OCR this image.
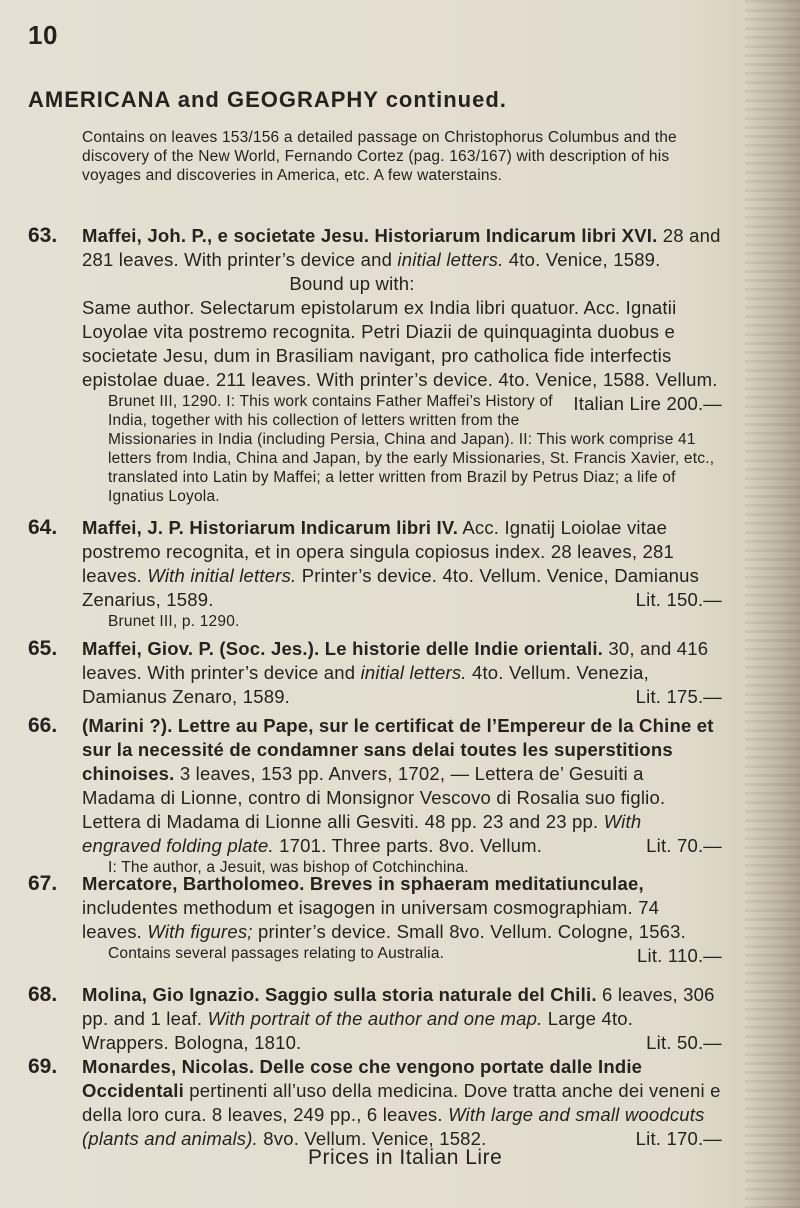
10
AMERICANA and GEOGRAPHY continued.
Contains on leaves 153/156 a detailed passage on Christophorus Columbus and the discovery of the New World, Fernando Cortez (pag. 163/167) with description of his voyages and discoveries in America, etc. A few waterstains.
63.	Maffei, Joh. P., e societate Jesu. Historiarum Indicarum libri XVI. 28 and 281 leaves. With printer’s device and initial letters. 4to. Venice, 1589.
Bound up with:
Same author. Selectarum epistolarum ex India libri quatuor. Acc. Ignatii Loyolae vita postremo recognita. Petri Diazii de quinquaginta duobus e societate Jesu, dum in Brasiliam navigant, pro catholica fide interfectis epistolae duae. 211 leaves. With printer’s device. 4to. Venice, 1588. Vellum.
Italian Lire 200.—
Brunet III, 1290. I: This work contains Father Maffei’s History of India, together with his collection of letters written from the Missionaries in India (including Persia, China and Japan). II: This work comprise 41 letters from India, China and Japan, by the early Missionaries, St. Francis Xavier, etc., translated into Latin by Maffei; a letter written from Brazil by Petrus Diaz; a life of Ignatius Loyola.
64.	Maffei, J. P. Historiarum Indicarum libri IV. Acc. Ignatij Loiolae vitae postremo recognita, et in opera singula copiosus index. 28 leaves, 281 leaves. With initial letters. Printer’s device. 4to. Vellum. Venice, Damianus Zenarius, 1589.	Lit. 150.—
Brunet III, p. 1290.
65.	Maffei, Giov. P. (Soc. Jes.). Le historie delle Indie orientali. 30, and 416 leaves. With printer’s device and initial letters. 4to. Vellum. Venezia, Damianus Zenaro, 1589.	Lit. 175.—
66.	(Marini ?). Lettre au Pape, sur le certificat de l’Empereur de la Chine et sur la necessité de condamner sans delai toutes les superstitions chinoises. 3 leaves, 153 pp. Anvers, 1702, — Lettera de’ Gesuiti a Madama di Lionne, contro di Monsignor Vescovo di Rosalia suo figlio. Lettera di Madama di Lionne alli Gesviti. 48 pp. 23 and 23 pp. With engraved folding plate. 1701. Three parts. 8vo. Vellum.	Lit. 70.—
I: The author, a Jesuit, was bishop of Cotchinchina.
67.	Mercatore, Bartholomeo. Breves in sphaeram meditatiunculae, includentes methodum et isagogen in universam cosmographiam. 74 leaves. With figures; printer’s device. Small 8vo. Vellum. Cologne, 1563.
Lit. 110.—
Contains several passages relating to Australia.
68.	Molina, Gio Ignazio. Saggio sulla storia naturale del Chili. 6 leaves, 306 pp. and 1 leaf. With portrait of the author and one map. Large 4to. Wrappers. Bologna, 1810.	Lit. 50.—
69.	Monardes, Nicolas. Delle cose che vengono portate dalle Indie Occidentali pertinenti all’uso della medicina. Dove tratta anche dei veneni e della loro cura. 8 leaves, 249 pp., 6 leaves. With large and small woodcuts (plants and animals). 8vo. Vellum. Venice, 1582.	Lit. 170.—
Prices in Italian Lire
